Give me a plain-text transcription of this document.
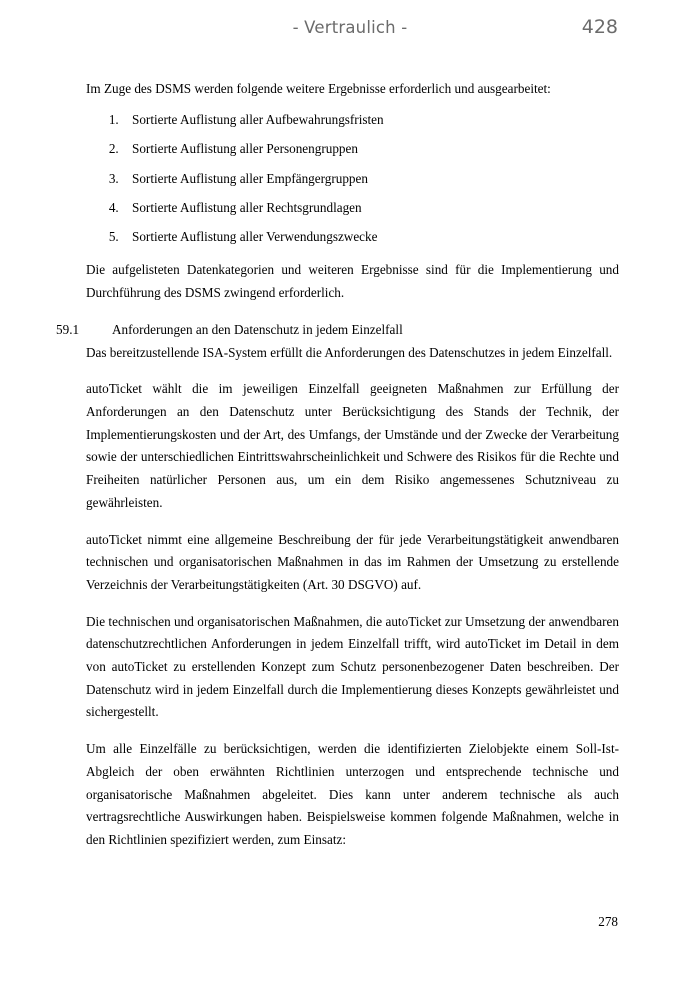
- Vertraulich -	428

Im Zuge des DSMS werden folgende weitere Ergebnisse erforderlich und ausgearbeitet:

1. Sortierte Auflistung aller Aufbewahrungsfristen
2. Sortierte Auflistung aller Personengruppen
3. Sortierte Auflistung aller Empfängergruppen
4. Sortierte Auflistung aller Rechtsgrundlagen
5. Sortierte Auflistung aller Verwendungszwecke

Die aufgelisteten Datenkategorien und weiteren Ergebnisse sind für die Implementierung und Durchführung des DSMS zwingend erforderlich.

59.1	Anforderungen an den Datenschutz in jedem Einzelfall

Das bereitzustellende ISA-System erfüllt die Anforderungen des Datenschutzes in jedem Einzelfall.

autoTicket wählt die im jeweiligen Einzelfall geeigneten Maßnahmen zur Erfüllung der Anforderungen an den Datenschutz unter Berücksichtigung des Stands der Technik, der Implementierungskosten und der Art, des Umfangs, der Umstände und der Zwecke der Verarbeitung sowie der unterschiedlichen Eintrittswahrscheinlichkeit und Schwere des Risikos für die Rechte und Freiheiten natürlicher Personen aus, um ein dem Risiko angemessenes Schutzniveau zu gewährleisten.

autoTicket nimmt eine allgemeine Beschreibung der für jede Verarbeitungstätigkeit anwendbaren technischen und organisatorischen Maßnahmen in das im Rahmen der Umsetzung zu erstellende Verzeichnis der Verarbeitungstätigkeiten (Art. 30 DSGVO) auf.

Die technischen und organisatorischen Maßnahmen, die autoTicket zur Umsetzung der anwendbaren datenschutzrechtlichen Anforderungen in jedem Einzelfall trifft, wird autoTicket im Detail in dem von autoTicket zu erstellenden Konzept zum Schutz personenbezogener Daten beschreiben. Der Datenschutz wird in jedem Einzelfall durch die Implementierung dieses Konzepts gewährleistet und sichergestellt.

Um alle Einzelfälle zu berücksichtigen, werden die identifizierten Zielobjekte einem Soll-Ist-Abgleich der oben erwähnten Richtlinien unterzogen und entsprechende technische und organisatorische Maßnahmen abgeleitet. Dies kann unter anderem technische als auch vertragsrechtliche Auswirkungen haben. Beispielsweise kommen folgende Maßnahmen, welche in den Richtlinien spezifiziert werden, zum Einsatz:

278
